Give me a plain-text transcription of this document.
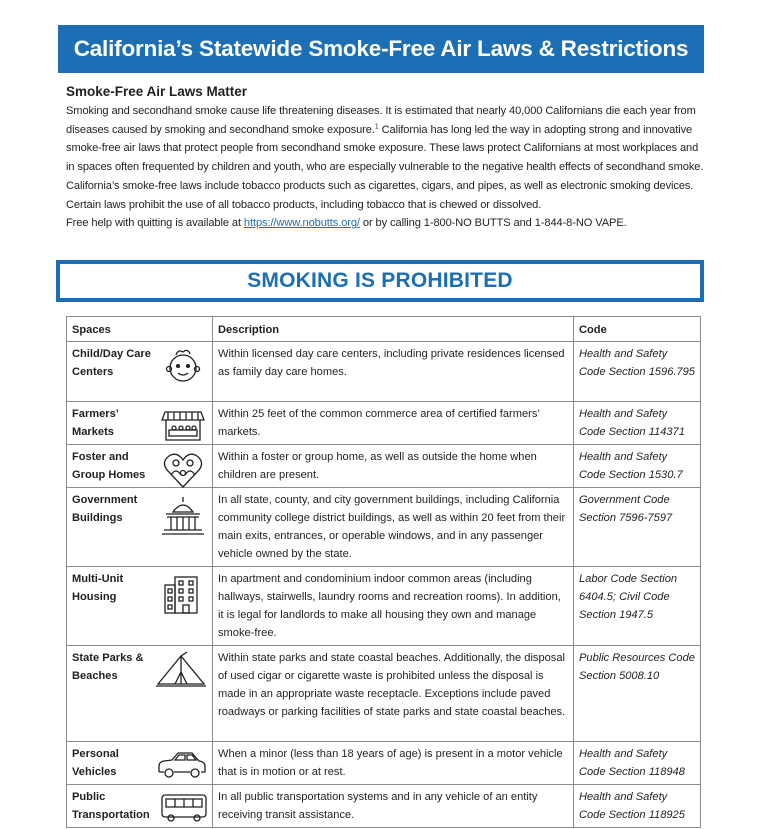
California’s Statewide Smoke-Free Air Laws & Restrictions
Smoke-Free Air Laws Matter

Smoking and secondhand smoke cause life threatening diseases. It is estimated that nearly 40,000 Californians die each year from diseases caused by smoking and secondhand smoke exposure.$^1$ California has long led the way in adopting strong and innovative smoke-free air laws that protect people from secondhand smoke exposure. These laws protect Californians at most workplaces and in spaces often frequented by children and youth, who are especially vulnerable to the negative health effects of secondhand smoke. California’s smoke-free laws include tobacco products such as cigarettes, cigars, and pipes, as well as electronic smoking devices. Certain laws prohibit the use of all tobacco products, including tobacco that is chewed or dissolved.

Free help with quitting is available at https://www.nobutts.org/ or by calling 1-800-NO BUTTS and 1-844-8-NO VAPE.

SMOKING IS PROHIBITED
Spaces	Description	Code

Child/Day Care Centers	Within licensed day care centers, including private residences licensed as family day care homes.	Health and Safety Code Section 1596.795

Farmers’ Markets	Within 25 feet of the common commerce area of certified farmers’ markets.	Health and Safety Code Section 114371

Foster and Group Homes	Within a foster or group home, as well as outside the home when children are present.	Health and Safety Code Section 1530.7

Government Buildings	In all state, county, and city government buildings, including California community college district buildings, as well as within 20 feet from their main exits, entrances, or operable windows, and in any passenger vehicle owned by the state.	Government Code Section 7596-7597

Multi-Unit Housing	In apartment and condominium indoor common areas (including hallways, stairwells, laundry rooms and recreation rooms). In addition, it is legal for landlords to make all housing they own and manage smoke-free.	Labor Code Section 6404.5; Civil Code Section 1947.5

State Parks & Beaches	Within state parks and state coastal beaches. Additionally, the disposal of used cigar or cigarette waste is prohibited unless the disposal is made in an appropriate waste receptacle. Exceptions include paved roadways or parking facilities of state parks and state coastal beaches.	Public Resources Code Section 5008.10

Personal Vehicles	When a minor (less than 18 years of age) is present in a motor vehicle that is in motion or at rest.	Health and Safety Code Section 118948

Public Transportation	In all public transportation systems and in any vehicle of an entity receiving transit assistance.	Health and Safety Code Section 118925
